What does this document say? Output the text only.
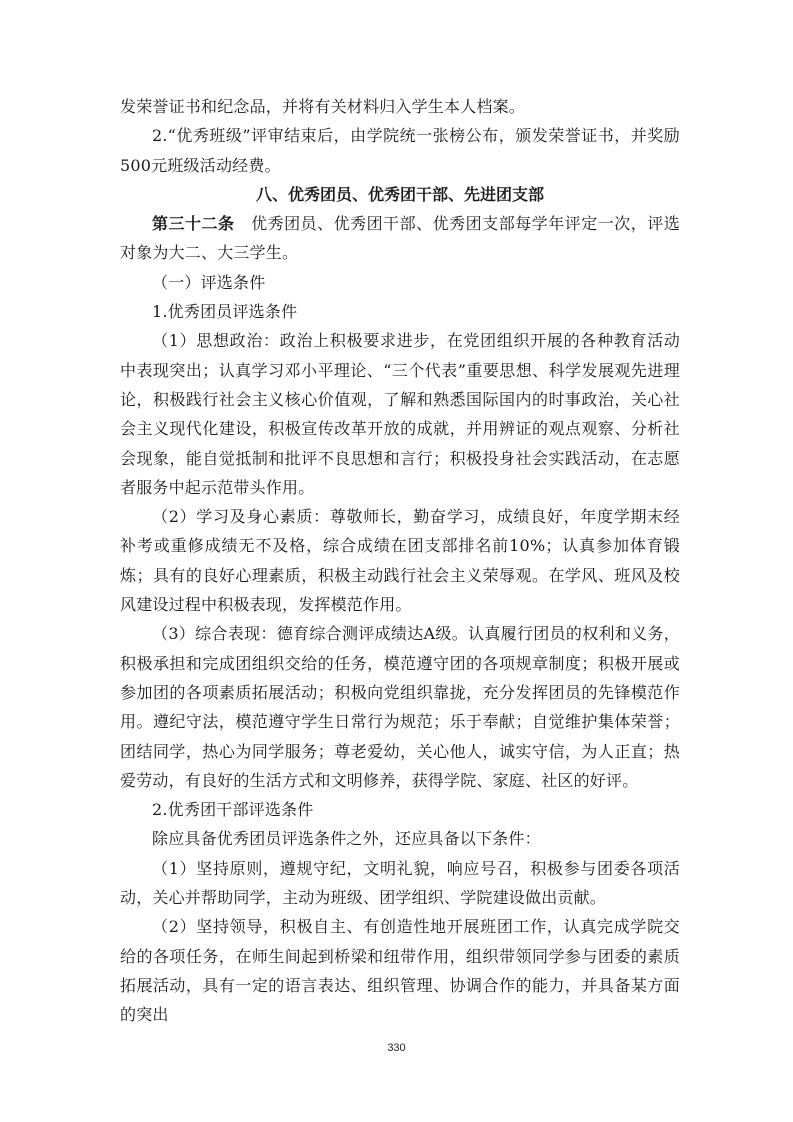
发荣誉证书和纪念品，并将有关材料归入学生本人档案。

2.“优秀班级”评审结束后，由学院统一张榜公布，颁发荣誉证书，并奖励500元班级活动经费。

八、优秀团员、优秀团干部、先进团支部

第三十二条　 优秀团员、优秀团干部、优秀团支部每学年评定一次，评选对象为大二、大三学生。

（一）评选条件

1.优秀团员评选条件

（1）思想政治：政治上积极要求进步，在党团组织开展的各种教育活动中表现突出；认真学习邓小平理论、“三个代表”重要思想、科学发展观先进理论，积极践行社会主义核心价值观，了解和熟悉国际国内的时事政治，关心社会主义现代化建设，积极宣传改革开放的成就，并用辨证的观点观察、分析社会现象，能自觉抵制和批评不良思想和言行；积极投身社会实践活动，在志愿者服务中起示范带头作用。

（2）学习及身心素质：尊敬师长，勤奋学习，成绩良好，年度学期末经补考或重修成绩无不及格，综合成绩在团支部排名前10%；认真参加体育锻炼；具有的良好心理素质，积极主动践行社会主义荣辱观。在学风、班风及校风建设过程中积极表现，发挥模范作用。

（3）综合表现：德育综合测评成绩达A级。认真履行团员的权利和义务，积极承担和完成团组织交给的任务，模范遵守团的各项规章制度；积极开展或参加团的各项素质拓展活动；积极向党组织靠拢，充分发挥团员的先锋模范作用。遵纪守法，模范遵守学生日常行为规范；乐于奉献；自觉维护集体荣誉；团结同学，热心为同学服务；尊老爱幼，关心他人，诚实守信，为人正直；热爱劳动，有良好的生活方式和文明修养，获得学院、家庭、社区的好评。

2.优秀团干部评选条件

除应具备优秀团员评选条件之外，还应具备以下条件：

（1）坚持原则，遵规守纪，文明礼貌，响应号召，积极参与团委各项活动，关心并帮助同学，主动为班级、团学组织、学院建设做出贡献。

（2）坚持领导，积极自主、有创造性地开展班团工作，认真完成学院交给的各项任务，在师生间起到桥梁和纽带作用，组织带领同学参与团委的素质拓展活动，具有一定的语言表达、组织管理、协调合作的能力，并具备某方面的突出

330
